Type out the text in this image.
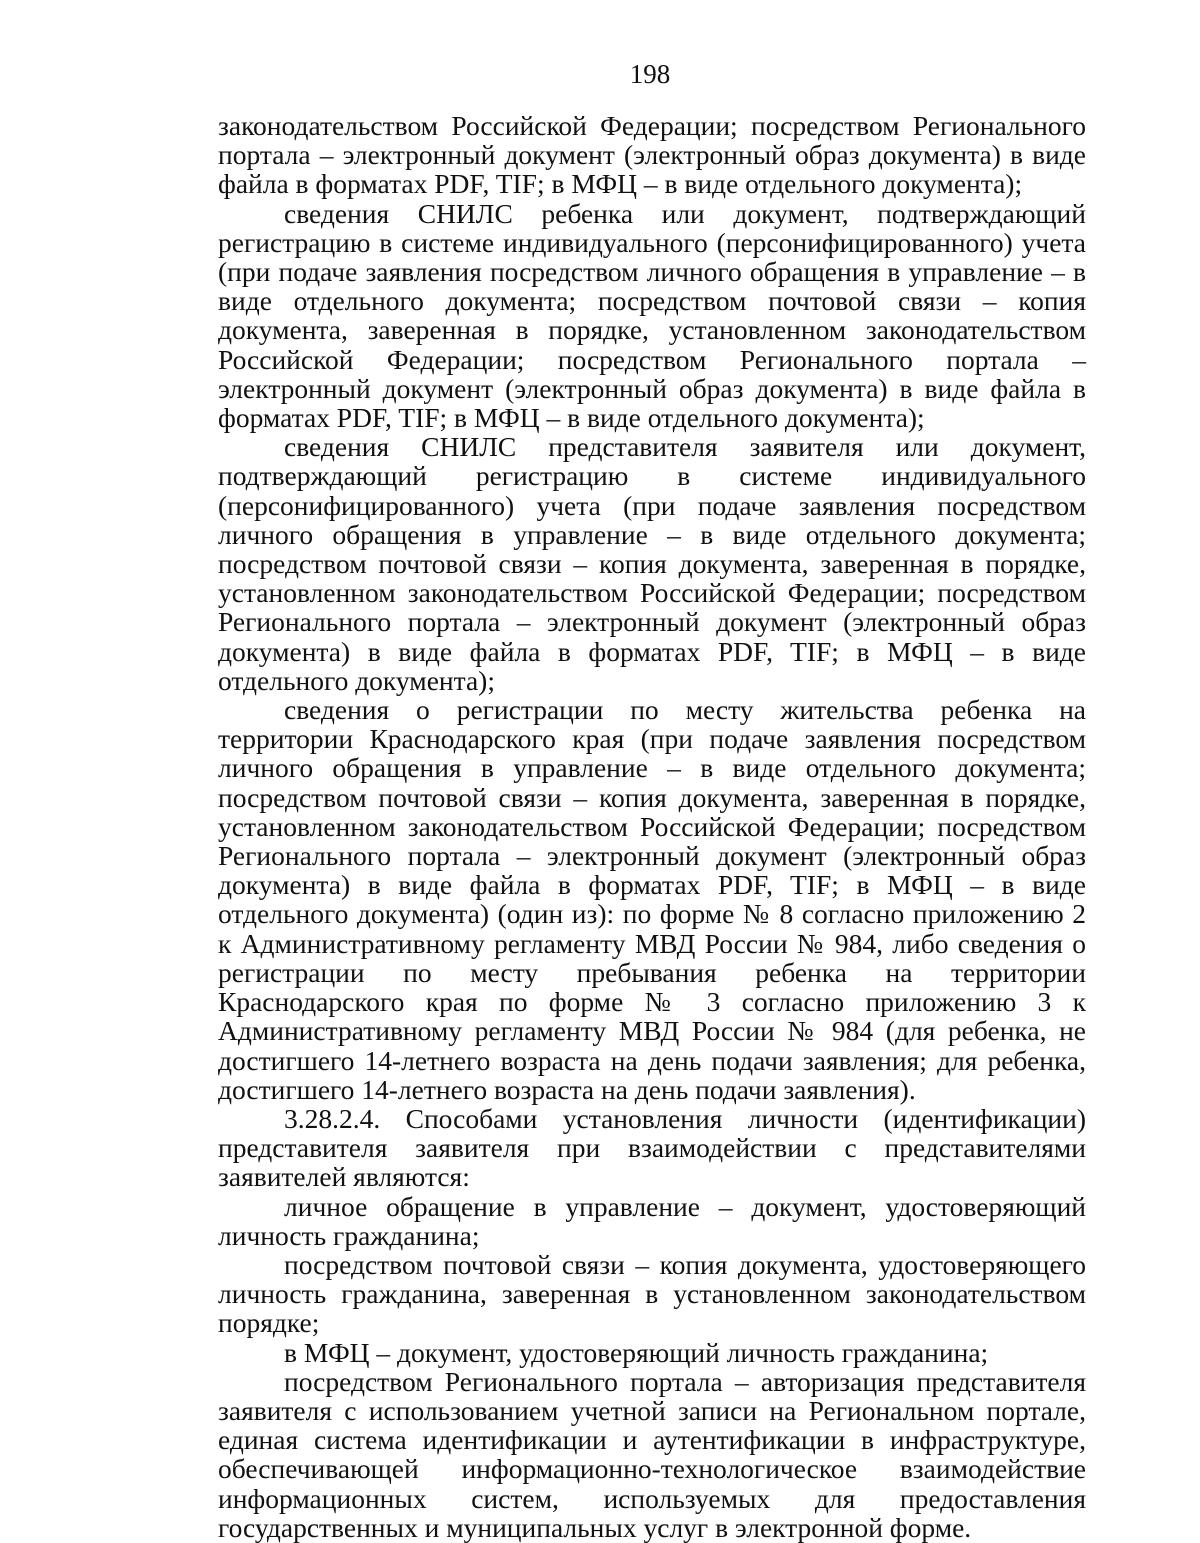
198

законодательством Российской Федерации; посредством Регионального портала – электронный документ (электронный образ документа) в виде файла в форматах PDF, TIF; в МФЦ – в виде отдельного документа);

сведения СНИЛС ребенка или документ, подтверждающий регистрацию в системе индивидуального (персонифицированного) учета (при подаче заявления посредством личного обращения в управление – в виде отдельного документа; посредством почтовой связи – копия документа, заверенная в порядке, установленном законодательством Российской Федерации; посредством Регионального портала – электронный документ (электронный образ документа) в виде файла в форматах PDF, TIF; в МФЦ – в виде отдельного документа);

сведения СНИЛС представителя заявителя или документ, подтверждающий регистрацию в системе индивидуального (персонифицированного) учета (при подаче заявления посредством личного обращения в управление – в виде отдельного документа; посредством почтовой связи – копия документа, заверенная в порядке, установленном законодательством Российской Федерации; посредством Регионального портала – электронный документ (электронный образ документа) в виде файла в форматах PDF, TIF; в МФЦ – в виде отдельного документа);

сведения о регистрации по месту жительства ребенка на территории Краснодарского края (при подаче заявления посредством личного обращения в управление – в виде отдельного документа; посредством почтовой связи – копия документа, заверенная в порядке, установленном законодательством Российской Федерации; посредством Регионального портала – электронный документ (электронный образ документа) в виде файла в форматах PDF, TIF; в МФЦ – в виде отдельного документа) (один из): по форме № 8 согласно приложению 2 к Административному регламенту МВД России № 984, либо сведения о регистрации по месту пребывания ребенка на территории Краснодарского края по форме № 3 согласно приложению 3 к Административному регламенту МВД России № 984 (для ребенка, не достигшего 14-летнего возраста на день подачи заявления; для ребенка, достигшего 14-летнего возраста на день подачи заявления).

3.28.2.4. Способами установления личности (идентификации) представителя заявителя при взаимодействии с представителями заявителей являются:

личное обращение в управление – документ, удостоверяющий личность гражданина;

посредством почтовой связи – копия документа, удостоверяющего личность гражданина, заверенная в установленном законодательством порядке;

в МФЦ – документ, удостоверяющий личность гражданина;

посредством Регионального портала – авторизация представителя заявителя с использованием учетной записи на Региональном портале, единая система идентификации и аутентификации в инфраструктуре, обеспечивающей информационно-технологическое взаимодействие информационных систем, используемых для предоставления государственных и муниципальных услуг в электронной форме.
